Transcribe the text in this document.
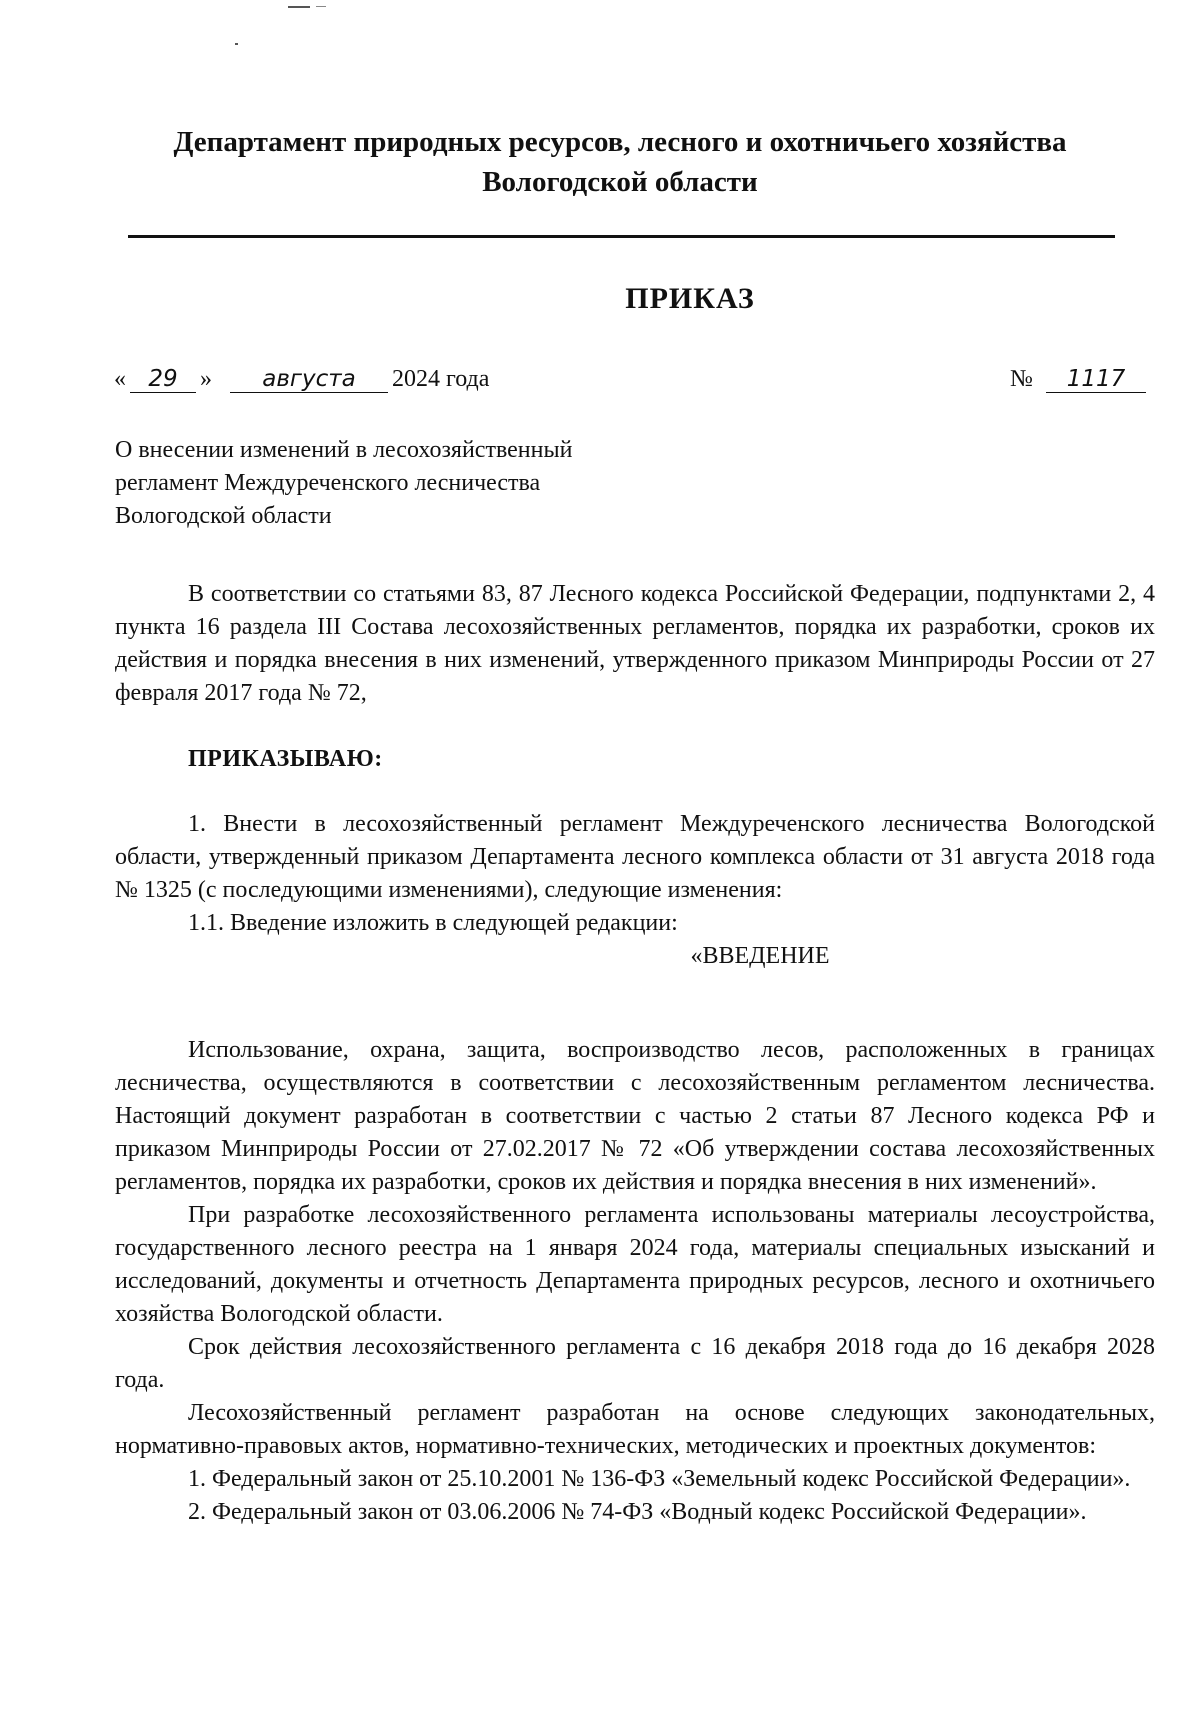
Департамент природных ресурсов, лесного и охотничьего хозяйства
Вологодской области
ПРИКАЗ
« 29 »	августа	2024 года	№	1117
О внесении изменений в лесохозяйственный
регламент Междуреченского лесничества
Вологодской области

В соответствии со статьями 83, 87 Лесного кодекса Российской Федерации, подпунктами 2, 4 пункта 16 раздела III Состава лесохозяйственных регламентов, порядка их разработки, сроков их действия и порядка внесения в них изменений, утвержденного приказом Минприроды России от 27 февраля 2017 года № 72,

ПРИКАЗЫВАЮ:

1. Внести в лесохозяйственный регламент Междуреченского лесничества Вологодской области, утвержденный приказом Департамента лесного комплекса области от 31 августа 2018 года № 1325 (с последующими изменениями), следующие изменения:

1.1. Введение изложить в следующей редакции:

«ВВЕДЕНИЕ

Использование, охрана, защита, воспроизводство лесов, расположенных в границах лесничества, осуществляются в соответствии с лесохозяйственным регламентом лесничества. Настоящий документ разработан в соответствии с частью 2 статьи 87 Лесного кодекса РФ и приказом Минприроды России от 27.02.2017 № 72 «Об утверждении состава лесохозяйственных регламентов, порядка их разработки, сроков их действия и порядка внесения в них изменений».

При разработке лесохозяйственного регламента использованы материалы лесоустройства, государственного лесного реестра на 1 января 2024 года, материалы специальных изысканий и исследований, документы и отчетность Департамента природных ресурсов, лесного и охотничьего хозяйства Вологодской области.

Срок действия лесохозяйственного регламента с 16 декабря 2018 года до 16 декабря 2028 года.

Лесохозяйственный регламент разработан на основе следующих законодательных, нормативно-правовых актов, нормативно-технических, методических и проектных документов:

1. Федеральный закон от 25.10.2001 № 136-ФЗ «Земельный кодекс Российской Федерации».

2. Федеральный закон от 03.06.2006 № 74-ФЗ «Водный кодекс Российской Федерации».
